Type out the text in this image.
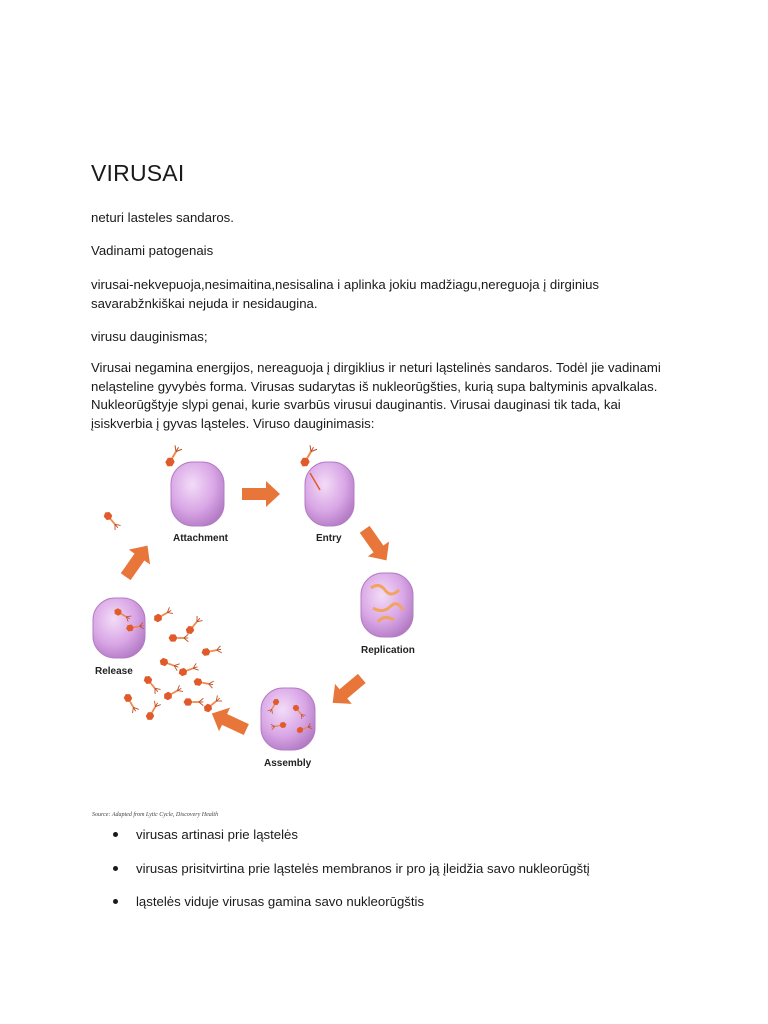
VIRUSAI

neturi lasteles sandaros.

Vadinami patogenais

virusai-nekvepuoja,nesimaitina,nesisalina i aplinka jokiu madžiagu,nereguoja į dirginius savarabžnkiškai nejuda ir nesidaugina.

virusu dauginismas;

Virusai negamina energijos, nereaguoja į dirgiklius ir neturi ląstelinės sandaros. Todėl jie vadinami neląsteline gyvybės forma. Virusas sudarytas iš nukleorūgšties, kurią supa baltyminis apvalkalas. Nukleorūgštyje slypi genai, kurie svarbūs virusui dauginantis. Virusai dauginasi tik tada, kai įsiskverbia į gyvas ląsteles. Viruso dauginimasis:

Attachment	Entry
Replication
Assembly
Release
Source: Adapted from Lytic Cycle, Discovery Health
virusas artinasi prie ląstelės
virusas prisitvirtina prie ląstelės membranos ir pro ją įleidžia savo nukleorūgštį
ląstelės viduje virusas gamina savo nukleorūgštis
